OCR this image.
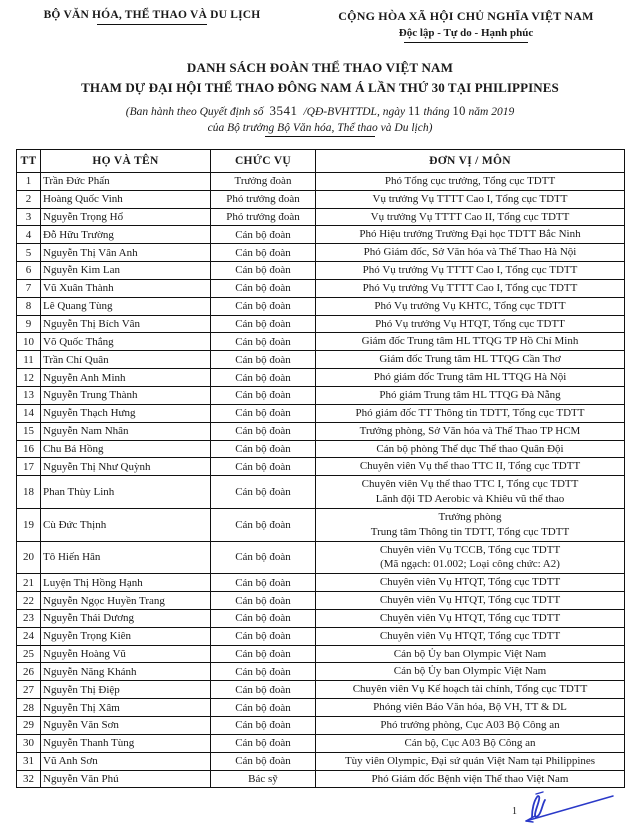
BỘ VĂN HÓA, THỂ THAO VÀ DU LỊCH	CỘNG HÒA XÃ HỘI CHỦ NGHĨA VIỆT NAM
Độc lập - Tự do - Hạnh phúc
DANH SÁCH ĐOÀN THỂ THAO VIỆT NAM
THAM DỰ ĐẠI HỘI THỂ THAO ĐÔNG NAM Á LẦN THỨ 30 TẠI PHILIPPINES
(Ban hành theo Quyết định số 3541 /QĐ-BVHTTDL, ngày 11 tháng 10 năm 2019
của Bộ trưởng Bộ Văn hóa, Thể thao và Du lịch)
TT	HỌ VÀ TÊN	CHỨC VỤ	ĐƠN VỊ / MÔN
1	Trần Đức Phấn	Trưởng đoàn	Phó Tổng cục trưởng, Tổng cục TDTT
2	Hoàng Quốc Vinh	Phó trưởng đoàn	Vụ trưởng Vụ TTTT Cao I, Tổng cục TDTT
3	Nguyễn Trọng Hổ	Phó trưởng đoàn	Vụ trưởng Vụ TTTT Cao II, Tổng cục TDTT
4	Đỗ Hữu Trường	Cán bộ đoàn	Phó Hiệu trưởng Trường Đại học TDTT Bắc Ninh
5	Nguyễn Thị Vân Anh	Cán bộ đoàn	Phó Giám đốc, Sở Văn hóa và Thể Thao Hà Nội
6	Nguyễn Kim Lan	Cán bộ đoàn	Phó Vụ trưởng Vụ TTTT Cao I, Tổng cục TDTT
7	Vũ Xuân Thành	Cán bộ đoàn	Phó Vụ trưởng Vụ TTTT Cao I, Tổng cục TDTT
8	Lê Quang Tùng	Cán bộ đoàn	Phó Vụ trưởng Vụ KHTC, Tổng cục TDTT
9	Nguyễn Thị Bích Vân	Cán bộ đoàn	Phó Vụ trưởng Vụ HTQT, Tổng cục TDTT
10	Võ Quốc Thắng	Cán bộ đoàn	Giám đốc Trung tâm HL TTQG TP Hồ Chí Minh
11	Trần Chí Quân	Cán bộ đoàn	Giám đốc Trung tâm HL TTQG Cần Thơ
12	Nguyễn Anh Minh	Cán bộ đoàn	Phó giám đốc Trung tâm HL TTQG Hà Nội
13	Nguyễn Trung Thành	Cán bộ đoàn	Phó giám Trung tâm HL TTQG Đà Nẵng
14	Nguyễn Thạch Hưng	Cán bộ đoàn	Phó giám đốc TT Thông tin TDTT, Tổng cục TDTT
15	Nguyễn Nam Nhân	Cán bộ đoàn	Trưởng phòng, Sở Văn hóa và Thể Thao TP HCM
16	Chu Bá Hồng	Cán bộ đoàn	Cán bộ phòng Thể dục Thể thao Quân Đội
17	Nguyễn Thị Như Quỳnh	Cán bộ đoàn	Chuyên viên Vụ thể thao TTC II, Tổng cục TDTT
18	Phan Thùy Linh	Cán bộ đoàn	Chuyên viên Vụ thể thao TTC I, Tổng cục TDTT
Lãnh đội TD Aerobic và Khiêu vũ thể thao

19	Cù Đức Thịnh	Cán bộ đoàn	Trưởng phòng
Trung tâm Thông tin TDTT, Tổng cục TDTT

20	Tô Hiến Hân	Cán bộ đoàn	Chuyên viên Vụ TCCB, Tổng cục TDTT
(Mã ngạch: 01.002; Loại công chức: A2)

21	Luyện Thị Hồng Hạnh	Cán bộ đoàn	Chuyên viên Vụ HTQT, Tổng cục TDTT
22	Nguyễn Ngọc Huyền Trang	Cán bộ đoàn	Chuyên viên Vụ HTQT, Tổng cục TDTT
23	Nguyễn Thái Dương	Cán bộ đoàn	Chuyên viên Vụ HTQT, Tổng cục TDTT
24	Nguyễn Trọng Kiên	Cán bộ đoàn	Chuyên viên Vụ HTQT, Tổng cục TDTT
25	Nguyễn Hoàng Vũ	Cán bộ đoàn	Cán bộ Ủy ban Olympic Việt Nam
26	Nguyễn Năng Khánh	Cán bộ đoàn	Cán bộ Ủy ban Olympic Việt Nam
27	Nguyễn Thị Điệp	Cán bộ đoàn	Chuyên viên Vụ Kế hoạch tài chính, Tổng cục TDTT
28	Nguyễn Thị Xâm	Cán bộ đoàn	Phóng viên Báo Văn hóa, Bộ VH, TT & DL
29	Nguyễn Văn Sơn	Cán bộ đoàn	Phó trưởng phòng, Cục A03 Bộ Công an
30	Nguyễn Thanh Tùng	Cán bộ đoàn	Cán bộ, Cục A03 Bộ Công an
31	Vũ Anh Sơn	Cán bộ đoàn	Tùy viên Olympic, Đại sứ quán Việt Nam tại Philippines
32	Nguyễn Văn Phú	Bác sỹ	Phó Giám đốc Bệnh viện Thể thao Việt Nam
1
